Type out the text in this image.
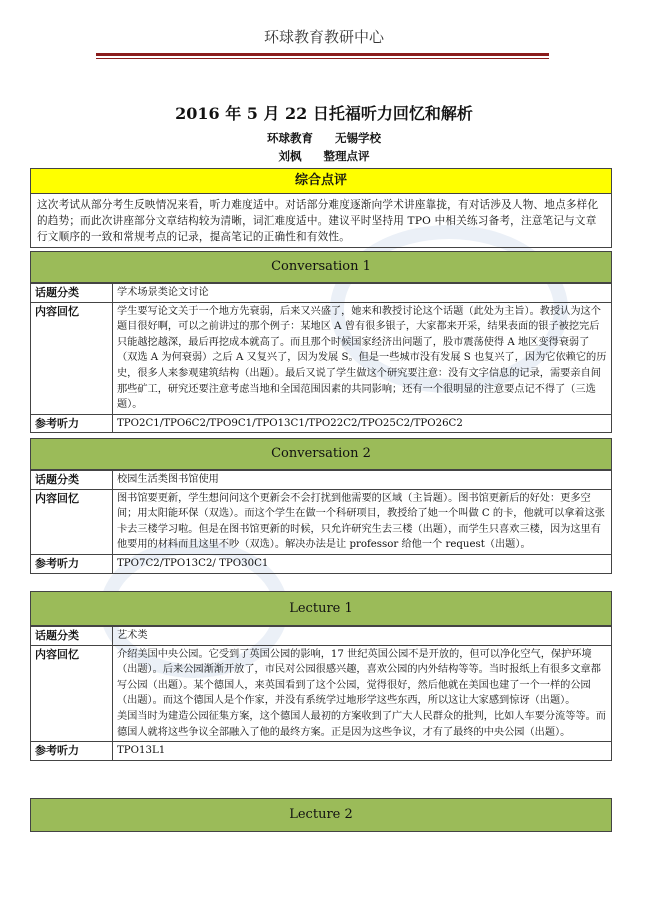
环球教育教研中心
2016 年 5 月 22 日托福听力回忆和解析
环球教育 无锡学校
刘枫 整理点评
综合点评
这次考试从部分考生反映情况来看，听力难度适中。对话部分难度逐渐向学术讲座靠拢，有对话涉及人物、地点多样化的趋势；而此次讲座部分文章结构较为清晰，词汇难度适中。建议平时坚持用 TPO 中相关练习备考，注意笔记与文章行文顺序的一致和常规考点的记录，提高笔记的正确性和有效性。
Conversation 1
话题分类	学术场景类论文讨论
内容回忆	学生要写论文关于一个地方先衰弱，后来又兴盛了，她来和教授讨论这个话题（此处为主旨）。教授认为这个题目很好啊，可以之前讲过的那个例子：某地区 A 曾有很多银子，大家都来开采，结果表面的银子被挖完后只能越挖越深，最后再挖成本就高了。而且那个时候国家经济出问题了，股市震荡使得 A 地区变得衰弱了（双选 A 为何衰弱）之后 A 又复兴了，因为发展 S。但是一些城市没有发展 S 也复兴了，因为它依赖它的历史，很多人来参观建筑结构（出题）。最后又说了学生做这个研究要注意：没有文字信息的记录，需要亲自间那些矿工，研究还要注意考虑当地和全国范围因素的共同影响；还有一个很明显的注意要点记不得了（三选题）。
参考听力	TPO2C1/TPO6C2/TPO9C1/TPO13C1/TPO22C2/TPO25C2/TPO26C2
Conversation 2
话题分类	校园生活类图书馆使用
内容回忆	图书馆要更新，学生想问问这个更新会不会打扰到他需要的区域（主旨题）。图书馆更新后的好处：更多空间；用太阳能环保（双选）。而这个学生在做一个科研项目，教授给了她一个叫做 C 的卡，他就可以拿着这张卡去三楼学习啦。但是在图书馆更新的时候，只允许研究生去三楼（出题），而学生只喜欢三楼，因为这里有他要用的材料而且这里不吵（双选）。解决办法是让 professor 给他一个 request（出题）。
参考听力	TPO7C2/TPO13C2/ TPO30C1
Lecture 1
话题分类	艺术类
内容回忆	介绍美国中央公园。它受到了英国公园的影响，17 世纪英国公园不是开放的，但可以净化空气，保护环境（出题）。后来公园渐渐开放了，市民对公园很感兴趣，喜欢公园的内外结构等等。当时报纸上有很多文章都写公园（出题）。某个德国人，来英国看到了这个公园，觉得很好，然后他就在美国也建了一个一样的公园（出题）。而这个德国人是个作家，并没有系统学过地形学这些东西，所以这让大家感到惊讶（出题）。
美国当时为建造公园征集方案，这个德国人最初的方案收到了广大人民群众的批判，比如人车要分流等等。而德国人就将这些争议全部融入了他的最终方案。正是因为这些争议，才有了最终的中央公园（出题）。
参考听力	TPO13L1
Lecture 2
